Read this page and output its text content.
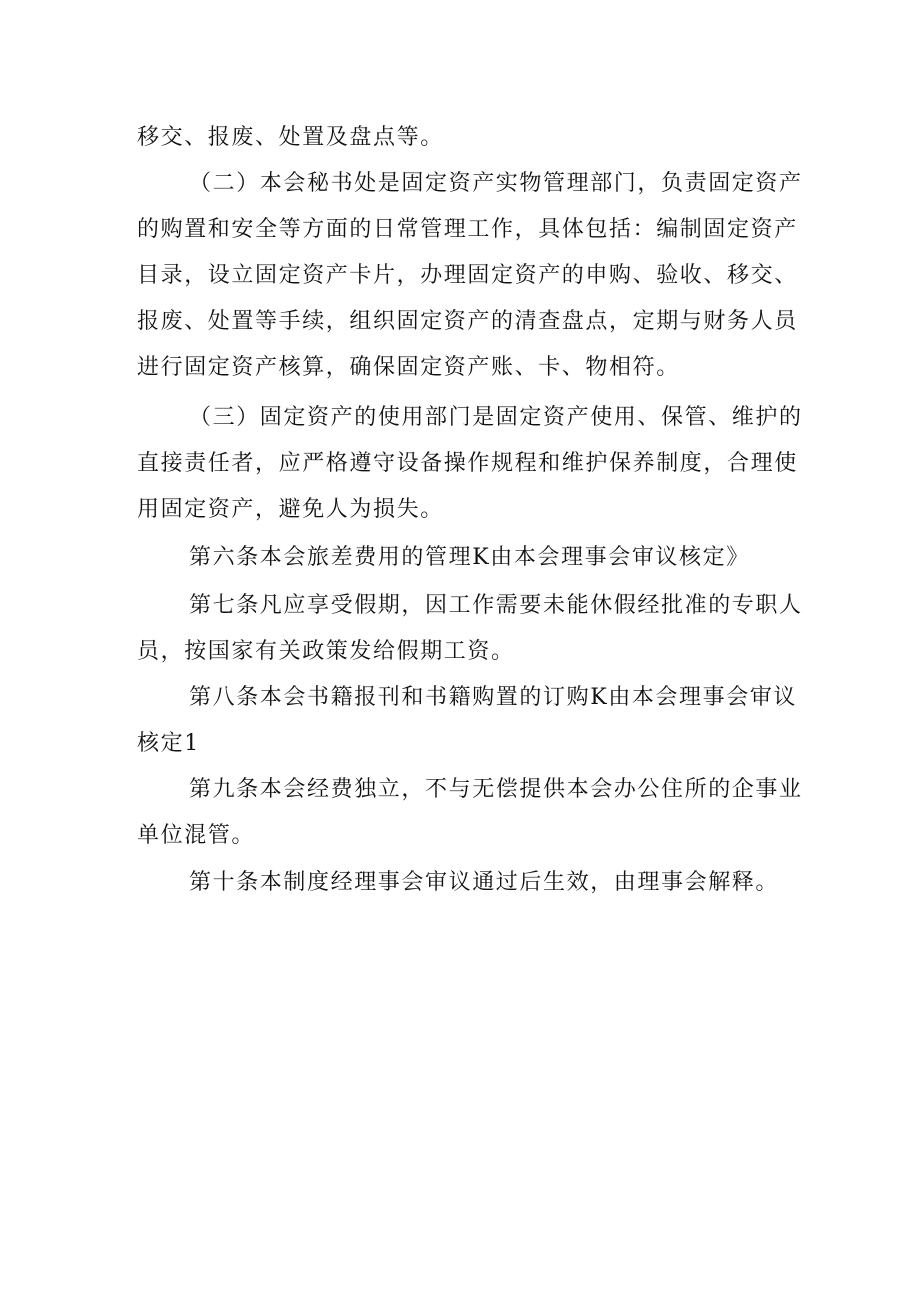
移交、报废、处置及盘点等。

（二）本会秘书处是固定资产实物管理部门，负责固定资产
的购置和安全等方面的日常管理工作，具体包括：编制固定资产
目录，设立固定资产卡片，办理固定资产的申购、验收、移交、
报废、处置等手续，组织固定资产的清查盘点，定期与财务人员
进行固定资产核算，确保固定资产账、卡、物相符。

（三）固定资产的使用部门是固定资产使用、保管、维护的
直接责任者，应严格遵守设备操作规程和维护保养制度，合理使
用固定资产，避免人为损失。

第六条本会旅差费用的管理K由本会理事会审议核定》

第七条凡应享受假期，因工作需要未能休假经批准的专职人
员，按国家有关政策发给假期工资。

第八条本会书籍报刊和书籍购置的订购K由本会理事会审议
核定1

第九条本会经费独立，不与无偿提供本会办公住所的企事业
单位混管。

第十条本制度经理事会审议通过后生效，由理事会解释。
